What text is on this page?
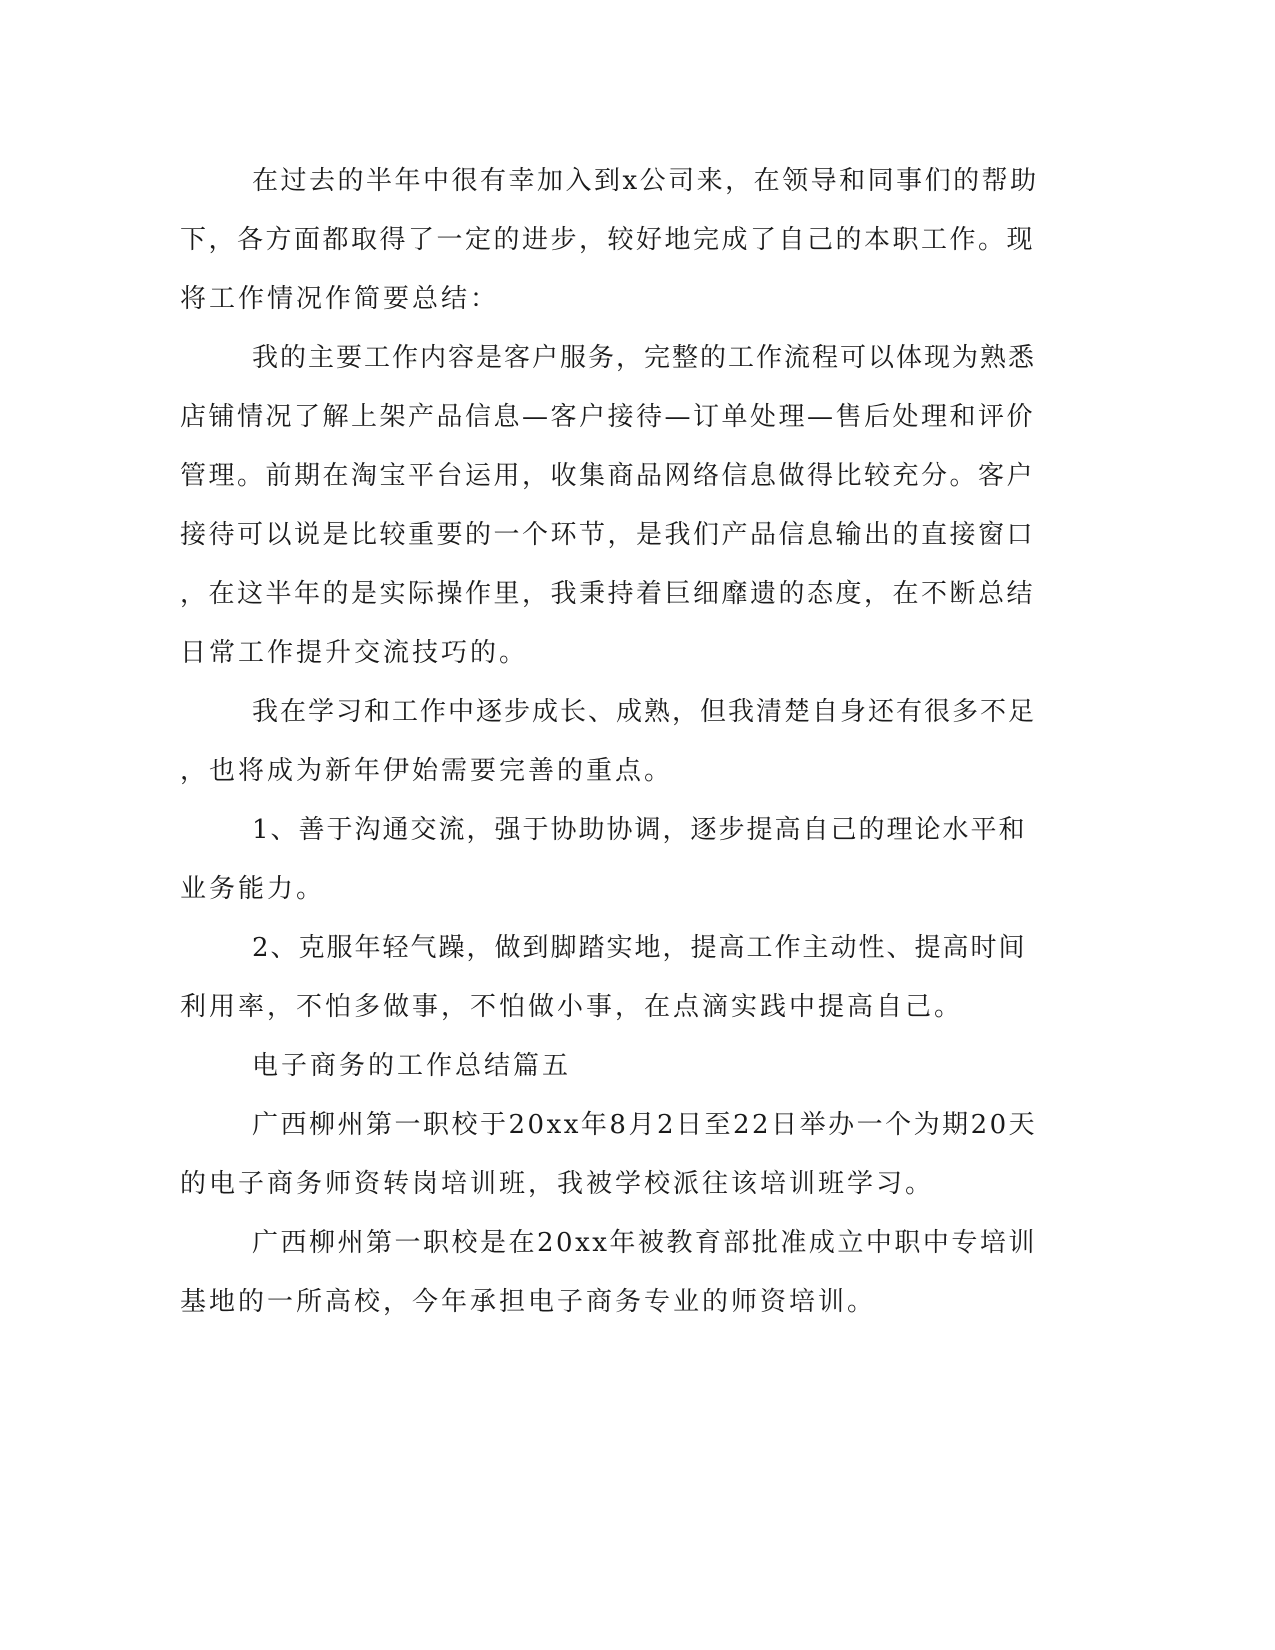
在过去的半年中很有幸加入到x公司来，在领导和同事们的帮助
下，各方面都取得了一定的进步，较好地完成了自己的本职工作。现
将工作情况作简要总结：
我的主要工作内容是客户服务，完整的工作流程可以体现为熟悉
店铺情况了解上架产品信息—客户接待—订单处理—售后处理和评价
管理。前期在淘宝平台运用，收集商品网络信息做得比较充分。客户
接待可以说是比较重要的一个环节，是我们产品信息输出的直接窗口
，在这半年的是实际操作里，我秉持着巨细靡遗的态度，在不断总结
日常工作提升交流技巧的。
我在学习和工作中逐步成长、成熟，但我清楚自身还有很多不足
，也将成为新年伊始需要完善的重点。
1、善于沟通交流，强于协助协调，逐步提高自己的理论水平和
业务能力。
2、克服年轻气躁，做到脚踏实地，提高工作主动性、提高时间
利用率，不怕多做事，不怕做小事，在点滴实践中提高自己。
电子商务的工作总结篇五
广西柳州第一职校于20xx年8月2日至22日举办一个为期20天
的电子商务师资转岗培训班，我被学校派往该培训班学习。
广西柳州第一职校是在20xx年被教育部批准成立中职中专培训
基地的一所高校，今年承担电子商务专业的师资培训。
